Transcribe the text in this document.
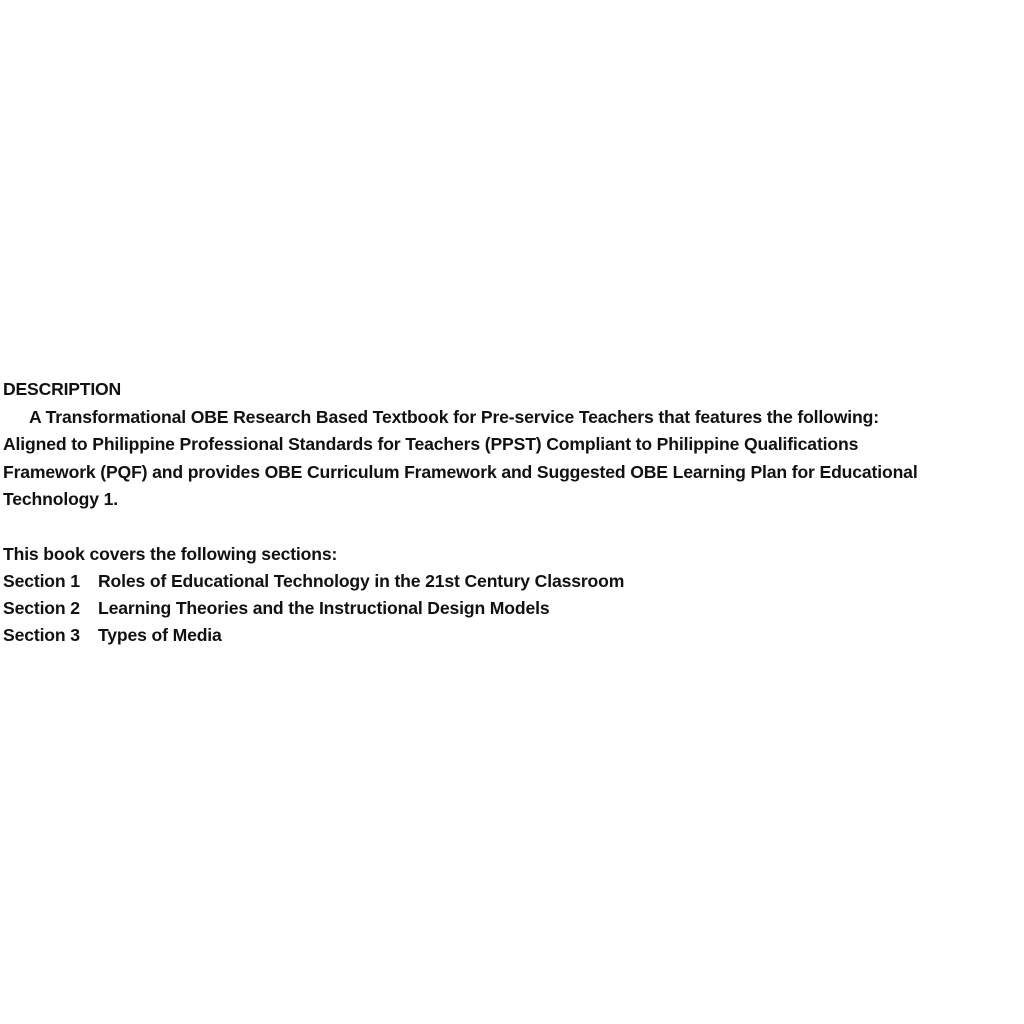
DESCRIPTION

A Transformational OBE Research Based Textbook for Pre-service Teachers that features the following:
Aligned to Philippine Professional Standards for Teachers (PPST) Compliant to Philippine Qualifications
Framework (PQF) and provides OBE Curriculum Framework and Suggested OBE Learning Plan for Educational
Technology 1.

This book covers the following sections:

Section 1 Roles of Educational Technology in the 21st Century Classroom
Section 2 Learning Theories and the Instructional Design Models
Section 3 Types of Media
